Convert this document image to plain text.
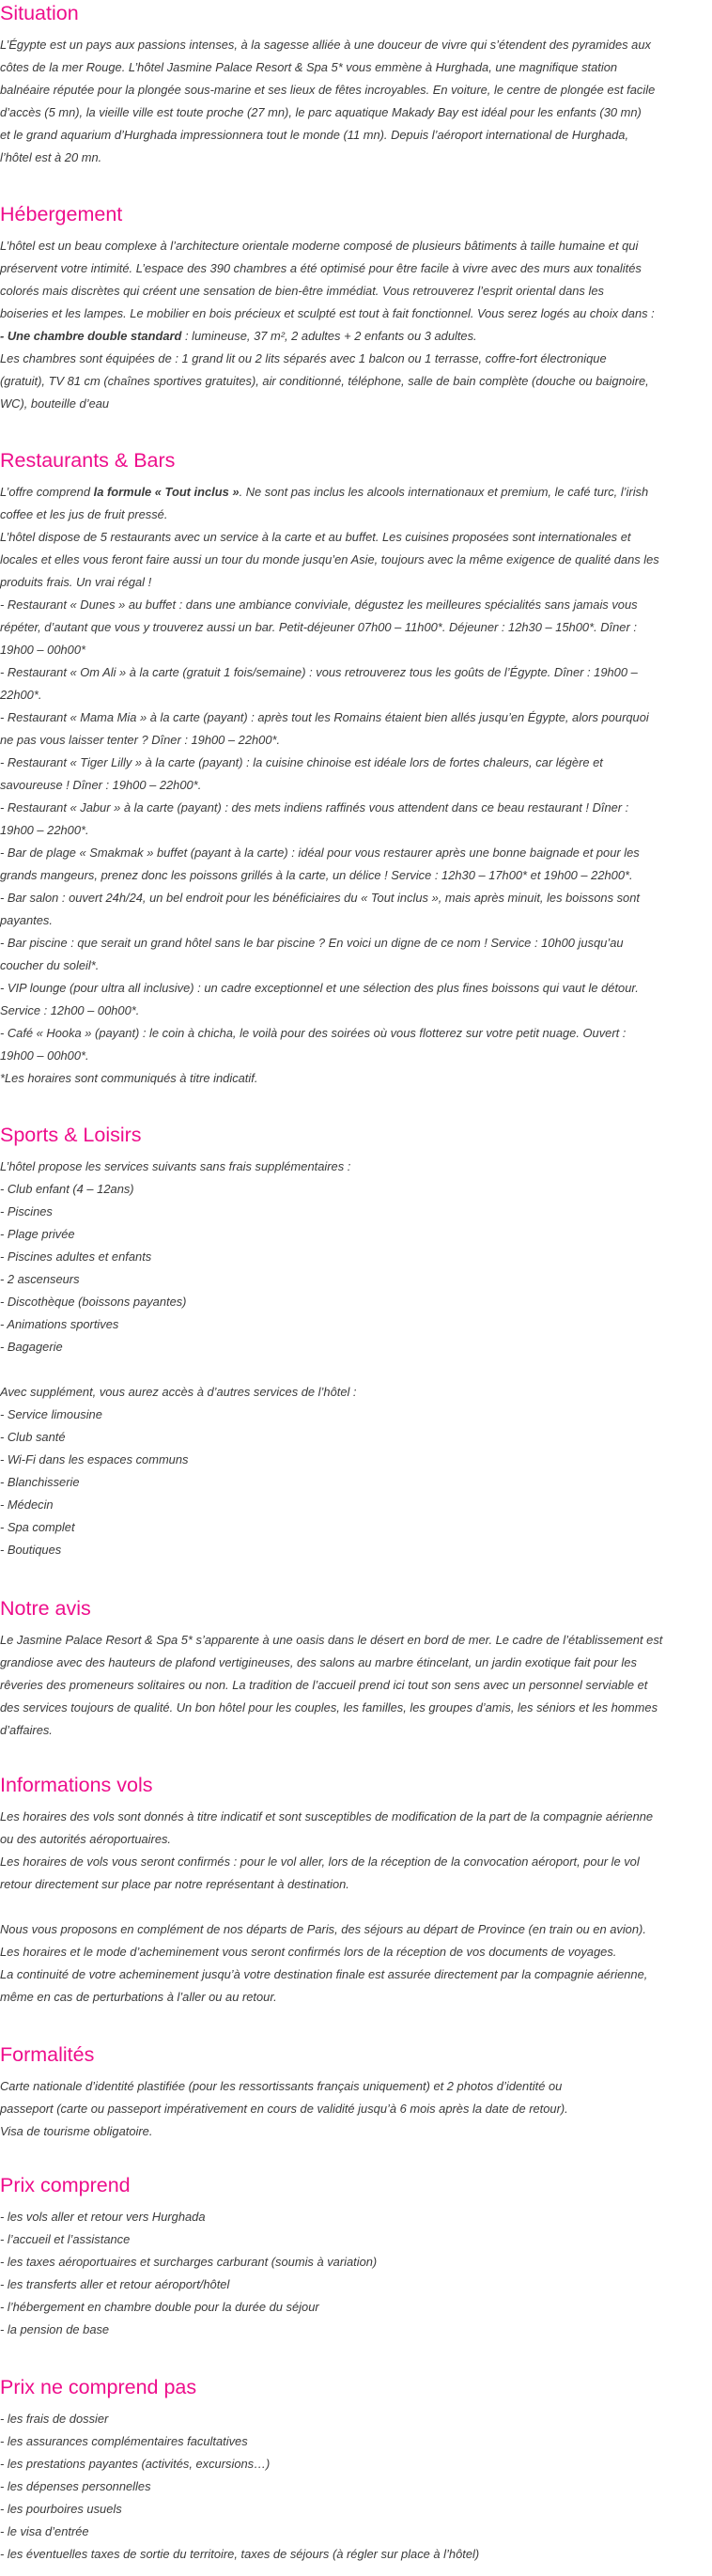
Situation
L’Égypte est un pays aux passions intenses, à la sagesse alliée à une douceur de vivre qui s’étendent des pyramides aux
côtes de la mer Rouge. L’hôtel Jasmine Palace Resort & Spa 5* vous emmène à Hurghada, une magnifique station
balnéaire réputée pour la plongée sous-marine et ses lieux de fêtes incroyables. En voiture, le centre de plongée est facile
d’accès (5 mn), la vieille ville est toute proche (27 mn), le parc aquatique Makady Bay est idéal pour les enfants (30 mn)
et le grand aquarium d’Hurghada impressionnera tout le monde (11 mn). Depuis l’aéroport international de Hurghada,
l’hôtel est à 20 mn.
Hébergement
L’hôtel est un beau complexe à l’architecture orientale moderne composé de plusieurs bâtiments à taille humaine et qui
préservent votre intimité. L’espace des 390 chambres a été optimisé pour être facile à vivre avec des murs aux tonalités
colorés mais discrètes qui créent une sensation de bien-être immédiat. Vous retrouverez l’esprit oriental dans les
boiseries et les lampes. Le mobilier en bois précieux et sculpté est tout à fait fonctionnel. Vous serez logés au choix dans :
- Une chambre double standard : lumineuse, 37 m², 2 adultes + 2 enfants ou 3 adultes.
Les chambres sont équipées de : 1 grand lit ou 2 lits séparés avec 1 balcon ou 1 terrasse, coffre-fort électronique
(gratuit), TV 81 cm (chaînes sportives gratuites), air conditionné, téléphone, salle de bain complète (douche ou baignoire,
WC), bouteille d’eau
Restaurants & Bars
L’offre comprend la formule « Tout inclus ». Ne sont pas inclus les alcools internationaux et premium, le café turc, l’irish
coffee et les jus de fruit pressé.
L’hôtel dispose de 5 restaurants avec un service à la carte et au buffet. Les cuisines proposées sont internationales et
locales et elles vous feront faire aussi un tour du monde jusqu’en Asie, toujours avec la même exigence de qualité dans les
produits frais. Un vrai régal !
- Restaurant « Dunes » au buffet : dans une ambiance conviviale, dégustez les meilleures spécialités sans jamais vous
répéter, d’autant que vous y trouverez aussi un bar. Petit-déjeuner 07h00 – 11h00*. Déjeuner : 12h30 – 15h00*. Dîner :
19h00 – 00h00*
- Restaurant « Om Ali » à la carte (gratuit 1 fois/semaine) : vous retrouverez tous les goûts de l’Égypte. Dîner : 19h00 –
22h00*.
- Restaurant « Mama Mia » à la carte (payant) : après tout les Romains étaient bien allés jusqu’en Égypte, alors pourquoi
ne pas vous laisser tenter ? Dîner : 19h00 – 22h00*.
- Restaurant « Tiger Lilly » à la carte (payant) : la cuisine chinoise est idéale lors de fortes chaleurs, car légère et
savoureuse ! Dîner : 19h00 – 22h00*.
- Restaurant « Jabur » à la carte (payant) : des mets indiens raffinés vous attendent dans ce beau restaurant ! Dîner :
19h00 – 22h00*.
- Bar de plage « Smakmak » buffet (payant à la carte) : idéal pour vous restaurer après une bonne baignade et pour les
grands mangeurs, prenez donc les poissons grillés à la carte, un délice ! Service : 12h30 – 17h00* et 19h00 – 22h00*.
- Bar salon : ouvert 24h/24, un bel endroit pour les bénéficiaires du « Tout inclus », mais après minuit, les boissons sont
payantes.
- Bar piscine : que serait un grand hôtel sans le bar piscine ? En voici un digne de ce nom ! Service : 10h00 jusqu’au
coucher du soleil*.
- VIP lounge (pour ultra all inclusive) : un cadre exceptionnel et une sélection des plus fines boissons qui vaut le détour.
Service : 12h00 – 00h00*.
- Café « Hooka » (payant) : le coin à chicha, le voilà pour des soirées où vous flotterez sur votre petit nuage. Ouvert :
19h00 – 00h00*.
*Les horaires sont communiqués à titre indicatif.
Sports & Loisirs
L’hôtel propose les services suivants sans frais supplémentaires :
- Club enfant (4 – 12ans)
- Piscines
- Plage privée
- Piscines adultes et enfants
- 2 ascenseurs
- Discothèque (boissons payantes)
- Animations sportives
- Bagagerie
Avec supplément, vous aurez accès à d’autres services de l’hôtel :
- Service limousine
- Club santé
- Wi-Fi dans les espaces communs
- Blanchisserie
- Médecin
- Spa complet
- Boutiques
Notre avis
Le Jasmine Palace Resort & Spa 5* s’apparente à une oasis dans le désert en bord de mer. Le cadre de l’établissement est
grandiose avec des hauteurs de plafond vertigineuses, des salons au marbre étincelant, un jardin exotique fait pour les
rêveries des promeneurs solitaires ou non. La tradition de l’accueil prend ici tout son sens avec un personnel serviable et
des services toujours de qualité. Un bon hôtel pour les couples, les familles, les groupes d’amis, les séniors et les hommes
d’affaires.
Informations vols
Les horaires des vols sont donnés à titre indicatif et sont susceptibles de modification de la part de la compagnie aérienne
ou des autorités aéroportuaires.
Les horaires de vols vous seront confirmés : pour le vol aller, lors de la réception de la convocation aéroport, pour le vol
retour directement sur place par notre représentant à destination.
Nous vous proposons en complément de nos départs de Paris, des séjours au départ de Province (en train ou en avion).
Les horaires et le mode d’acheminement vous seront confirmés lors de la réception de vos documents de voyages.
La continuité de votre acheminement jusqu’à votre destination finale est assurée directement par la compagnie aérienne,
même en cas de perturbations à l’aller ou au retour.
Formalités
Carte nationale d’identité plastifiée (pour les ressortissants français uniquement) et 2 photos d’identité ou
passeport (carte ou passeport impérativement en cours de validité jusqu’à 6 mois après la date de retour).
Visa de tourisme obligatoire.
Prix comprend
- les vols aller et retour vers Hurghada
- l’accueil et l’assistance
- les taxes aéroportuaires et surcharges carburant (soumis à variation)
- les transferts aller et retour aéroport/hôtel
- l’hébergement en chambre double pour la durée du séjour
- la pension de base
Prix ne comprend pas
- les frais de dossier
- les assurances complémentaires facultatives
- les prestations payantes (activités, excursions…)
- les dépenses personnelles
- les pourboires usuels
- le visa d’entrée
- les éventuelles taxes de sortie du territoire, taxes de séjours (à régler sur place à l’hôtel)
